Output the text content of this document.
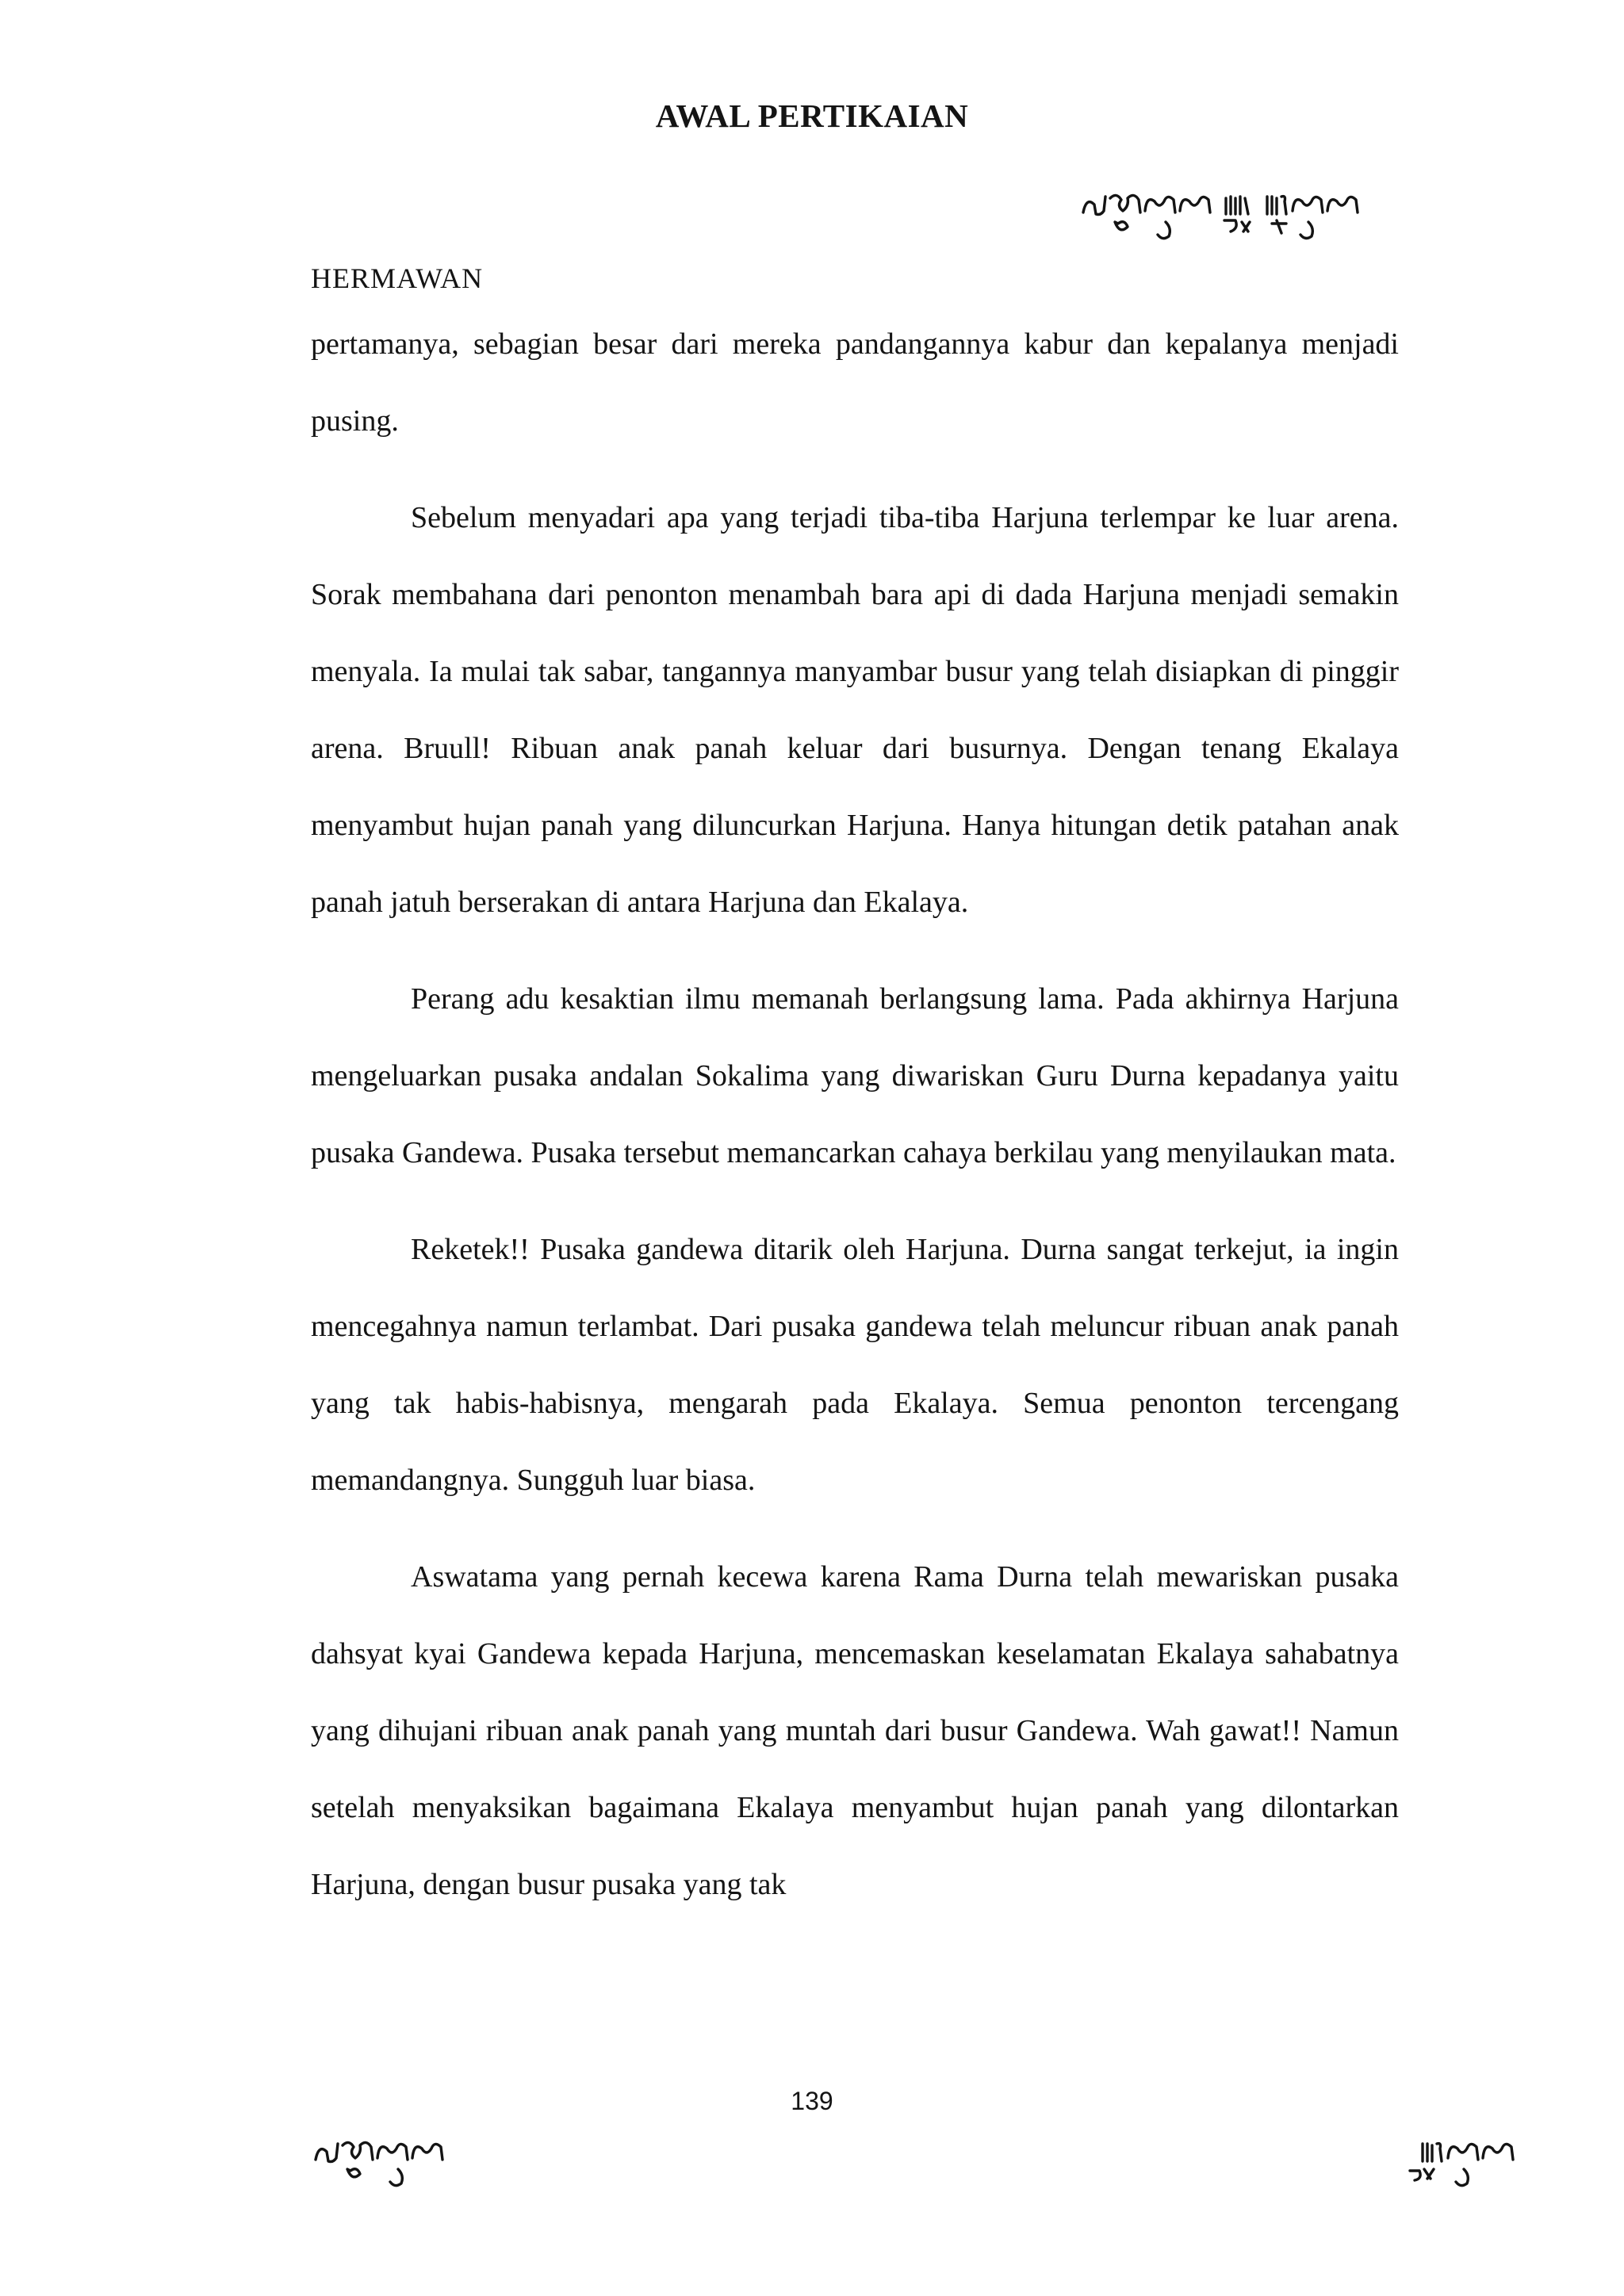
AWAL PERTIKAIAN
HERMAWAN

pertamanya, sebagian besar dari mereka pandangannya kabur dan kepalanya menjadi pusing.

Sebelum menyadari apa yang terjadi tiba-tiba Harjuna terlempar ke luar arena. Sorak membahana dari penonton menambah bara api di dada Harjuna menjadi semakin menyala. Ia mulai tak sabar, tangannya manyambar busur yang telah disiapkan di pinggir arena. Bruull! Ribuan anak panah keluar dari busurnya. Dengan tenang Ekalaya menyambut hujan panah yang diluncurkan Harjuna. Hanya hitungan detik patahan anak panah jatuh berserakan di antara Harjuna dan Ekalaya.

Perang adu kesaktian ilmu memanah berlangsung lama. Pada akhirnya Harjuna mengeluarkan pusaka andalan Sokalima yang diwariskan Guru Durna kepadanya yaitu pusaka Gandewa. Pusaka tersebut memancarkan cahaya berkilau yang menyilaukan mata.

Reketek!! Pusaka gandewa ditarik oleh Harjuna. Durna sangat terkejut, ia ingin mencegahnya namun terlambat. Dari pusaka gandewa telah meluncur ribuan anak panah yang tak habis-habisnya, mengarah pada Ekalaya. Semua penonton tercengang memandangnya. Sungguh luar biasa.

Aswatama yang pernah kecewa karena Rama Durna telah mewariskan pusaka dahsyat kyai Gandewa kepada Harjuna, mencemaskan keselamatan Ekalaya sahabatnya yang dihujani ribuan anak panah yang muntah dari busur Gandewa. Wah gawat!! Namun setelah menyaksikan bagaimana Ekalaya menyambut hujan panah yang dilontarkan Harjuna, dengan busur pusaka yang tak

139
